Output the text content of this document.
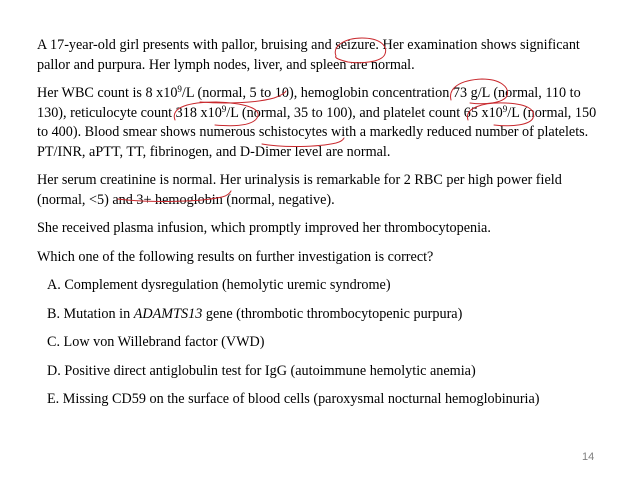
A 17-year-old girl presents with pallor, bruising and seizure. Her examination shows significant pallor and purpura. Her lymph nodes, liver, and spleen are normal.

Her WBC count is 8 $x10^9/L$ (normal, 5 to 10), hemoglobin concentration 73 g/L (normal, 110 to 130), reticulocyte count 318 $x10^9/L$ (normal, 35 to 100), and platelet count 65 $x10^9/L$ (normal, 150 to 400). Blood smear shows numerous schistocytes with a markedly reduced number of platelets. PT/INR, aPTT, TT, fibrinogen, and D-Dimer level are normal.

Her serum creatinine is normal. Her urinalysis is remarkable for 2 RBC per high power field (normal, <5) and 3+ hemoglobin (normal, negative).

She received plasma infusion, which promptly improved her thrombocytopenia.

Which one of the following results on further investigation is correct?

A. Complement dysregulation (hemolytic uremic syndrome)

B. Mutation in ADAMTS13 gene (thrombotic thrombocytopenic purpura)

C. Low von Willebrand factor (VWD)

D. Positive direct antiglobulin test for IgG (autoimmune hemolytic anemia)

E. Missing CD59 on the surface of blood cells (paroxysmal nocturnal hemoglobinuria)

14
